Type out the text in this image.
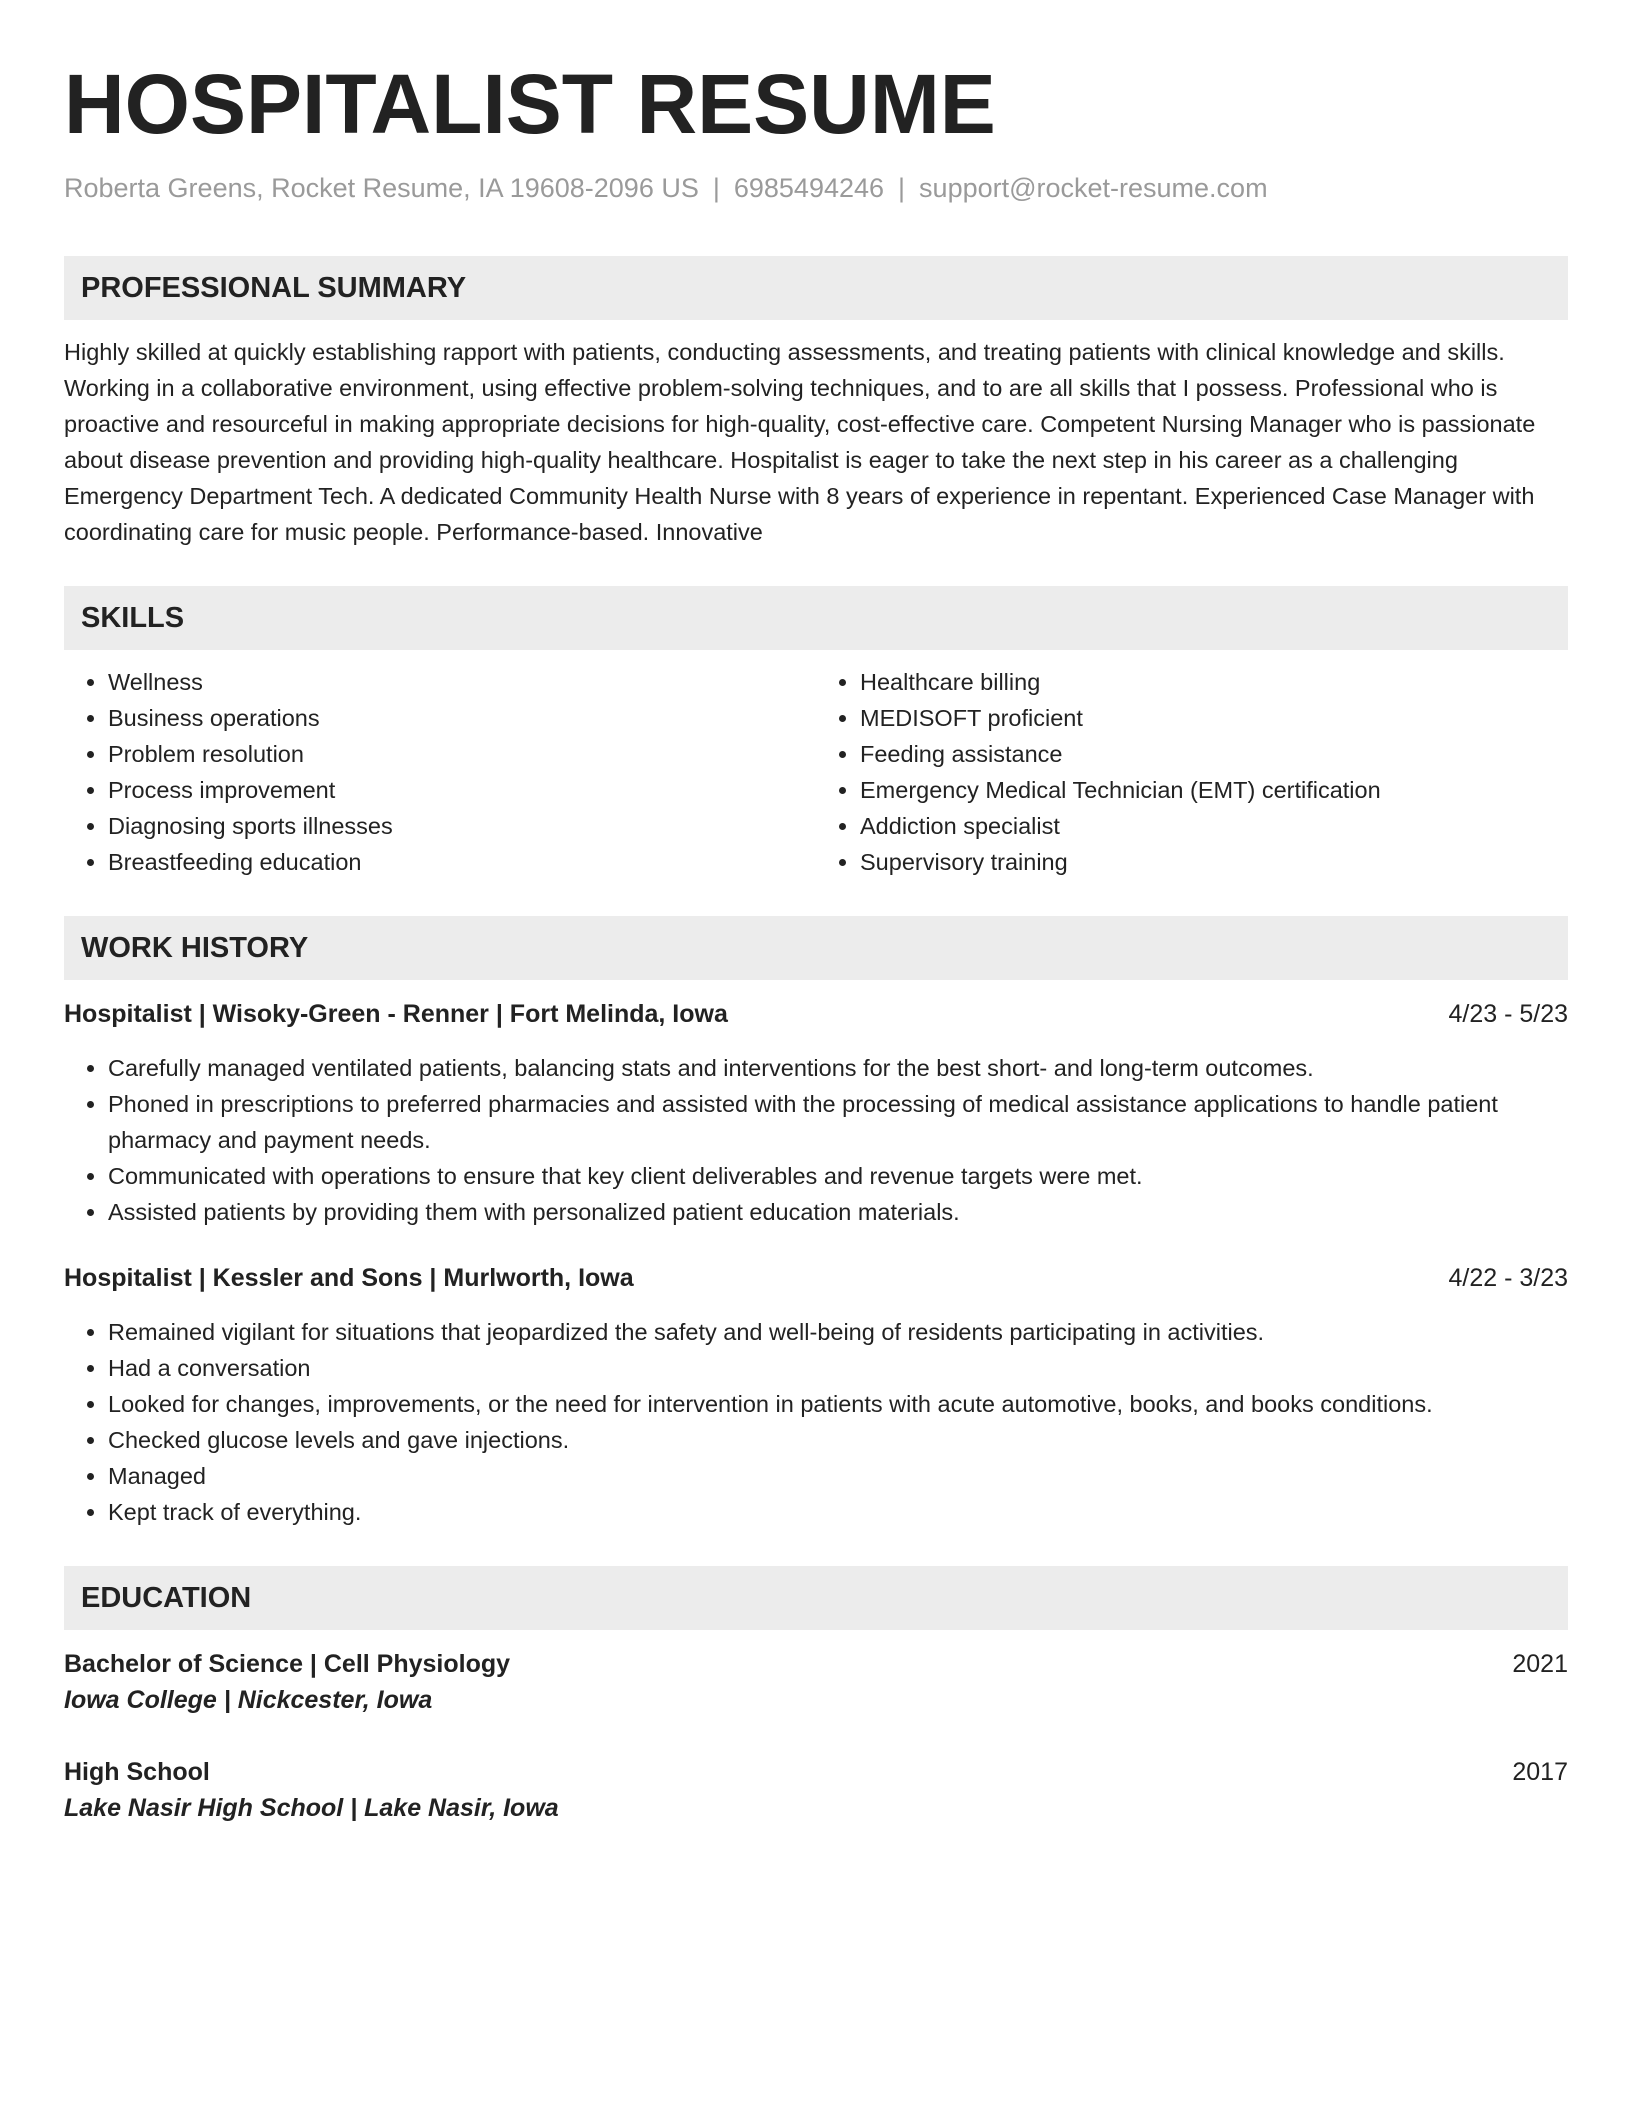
HOSPITALIST RESUME
Roberta Greens, Rocket Resume, IA 19608-2096 US | 6985494246 | support@rocket-resume.com
PROFESSIONAL SUMMARY
Highly skilled at quickly establishing rapport with patients, conducting assessments, and treating patients with clinical knowledge and skills. Working in a collaborative environment, using effective problem-solving techniques, and to are all skills that I possess. Professional who is proactive and resourceful in making appropriate decisions for high-quality, cost-effective care. Competent Nursing Manager who is passionate about disease prevention and providing high-quality healthcare. Hospitalist is eager to take the next step in his career as a challenging Emergency Department Tech. A dedicated Community Health Nurse with 8 years of experience in repentant. Experienced Case Manager with coordinating care for music people. Performance-based. Innovative
SKILLS
• Wellness
• Business operations
• Problem resolution
• Process improvement
• Diagnosing sports illnesses
• Breastfeeding education
• Healthcare billing
• MEDISOFT proficient
• Feeding assistance
• Emergency Medical Technician (EMT) certification
• Addiction specialist
• Supervisory training
WORK HISTORY
Hospitalist | Wisoky-Green - Renner | Fort Melinda, Iowa	4/23 - 5/23
• Carefully managed ventilated patients, balancing stats and interventions for the best short- and long-term outcomes.
• Phoned in prescriptions to preferred pharmacies and assisted with the processing of medical assistance applications to handle patient pharmacy and payment needs.
• Communicated with operations to ensure that key client deliverables and revenue targets were met.
• Assisted patients by providing them with personalized patient education materials.
Hospitalist | Kessler and Sons | Murlworth, Iowa	4/22 - 3/23
• Remained vigilant for situations that jeopardized the safety and well-being of residents participating in activities.
• Had a conversation
• Looked for changes, improvements, or the need for intervention in patients with acute automotive, books, and books conditions.
• Checked glucose levels and gave injections.
• Managed
• Kept track of everything.
EDUCATION
Bachelor of Science | Cell Physiology	2021
Iowa College | Nickcester, Iowa
High School	2017
Lake Nasir High School | Lake Nasir, Iowa
